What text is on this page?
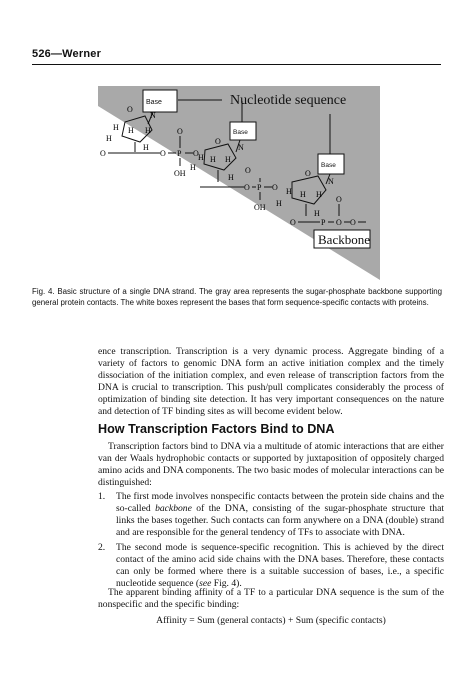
526—Werner
Nucleotide sequence
Base
O
N
H H H
H
H
O	O P
O
O
OH
Base
O
N
H H H
H
H
O
O P O
OH
Base
O
N
H H H
H
H
O	P O O
O
Backbone

Fig. 4. Basic structure of a single DNA strand. The gray area represents the sugar-phosphate backbone supporting general protein contacts. The white boxes represent the bases that form sequence-specific contacts with proteins.

ence transcription. Transcription is a very dynamic process. Aggregate binding of a variety of factors to genomic DNA form an active initiation complex and the timely dissociation of the initiation complex, and even release of transcription factors from the DNA is crucial to transcription. This push/pull complicates considerably the process of optimization of binding site detection. It has very important consequences on the nature and detection of TF binding sites as will become evident below.

How Transcription Factors Bind to DNA

Transcription factors bind to DNA via a multitude of atomic interactions that are either van der Waals hydrophobic contacts or supported by juxtaposition of oppositely charged amino acids and DNA components. The two basic modes of molecular interactions can be distinguished:

1.	The first mode involves nonspecific contacts between the protein side chains and the so-called backbone of the DNA, consisting of the sugar-phosphate structure that links the bases together. Such contacts can form anywhere on a DNA (double) strand and are responsible for the general tendency of TFs to associate with DNA.
2.	The second mode is sequence-specific recognition. This is achieved by the direct contact of the amino acid side chains with the DNA bases. Therefore, these contacts can only be formed where there is a suitable succession of bases, i.e., a specific nucleotide sequence (see Fig. 4).

The apparent binding affinity of a TF to a particular DNA sequence is the sum of the nonspecific and the specific binding:

Affinity = Sum (general contacts) + Sum (specific contacts)
